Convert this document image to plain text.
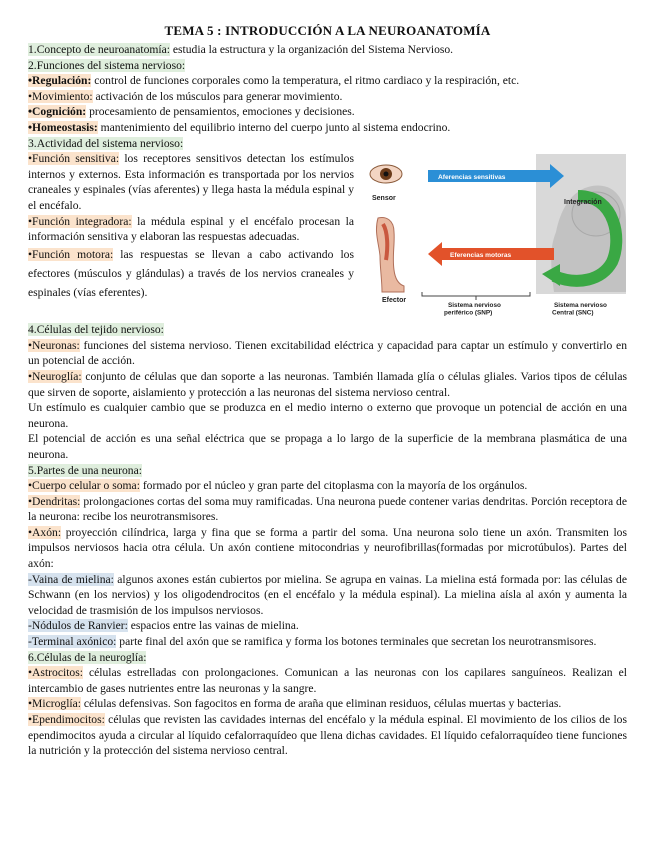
TEMA 5 : INTRODUCCIÓN A LA NEUROANATOMÍA

1.Concepto de neuroanatomía: estudia la estructura y la organización del Sistema Nervioso.

2.Funciones del sistema nervioso:

•Regulación: control de funciones corporales como la temperatura, el ritmo cardiaco y la respiración, etc.

•Movimiento: activación de los músculos para generar movimiento.

•Cognición: procesamiento de pensamientos, emociones y decisiones.

•Homeostasis: mantenimiento del equilibrio interno del cuerpo junto al sistema endocrino.

3.Actividad del sistema nervioso:

•Función sensitiva: los receptores sensitivos detectan los estímulos internos y externos. Esta información es transportada por los nervios craneales y espinales (vías aferentes) y llega hasta la médula espinal y el encéfalo.

•Función integradora: la médula espinal y el encéfalo procesan la información sensitiva y elaboran las respuestas adecuadas.

•Función motora: las respuestas se llevan a cabo activando los efectores (músculos y glándulas) a través de los nervios craneales y espinales (vías eferentes).

Sensor
Aferencias sensitivas
Integración
Eferencias motoras
Efector
Sistema nervioso periférico (SNP)
Sistema nervioso Central (SNC)

4.Células del tejido nervioso:

•Neuronas: funciones del sistema nervioso. Tienen excitabilidad eléctrica y capacidad para captar un estímulo y convertirlo en un potencial de acción.

•Neuroglía: conjunto de células que dan soporte a las neuronas. También llamada glía o células gliales. Varios tipos de células que sirven de soporte, aislamiento y protección a las neuronas del sistema nervioso central.

Un estímulo es cualquier cambio que se produzca en el medio interno o externo que provoque un potencial de acción en una neurona.

El potencial de acción es una señal eléctrica que se propaga a lo largo de la superficie de la membrana plasmática de una neurona.

5.Partes de una neurona:

•Cuerpo celular o soma: formado por el núcleo y gran parte del citoplasma con la mayoría de los orgánulos.

•Dendritas: prolongaciones cortas del soma muy ramificadas. Una neurona puede contener varias dendritas. Porción receptora de la neurona: recibe los neurotransmisores.

•Axón: proyección cilíndrica, larga y fina que se forma a partir del soma. Una neurona solo tiene un axón. Transmiten los impulsos nerviosos hacia otra célula. Un axón contiene mitocondrias y neurofibrillas(formadas por microtúbulos). Partes del axón:

-Vaina de mielina: algunos axones están cubiertos por mielina. Se agrupa en vainas. La mielina está formada por: las células de Schwann (en los nervios) y los oligodendrocitos (en el encéfalo y la médula espinal). La mielina aísla al axón y aumenta la velocidad de trasmisión de los impulsos nerviosos.

-Nódulos de Ranvier: espacios entre las vainas de mielina.

-Terminal axónico: parte final del axón que se ramifica y forma los botones terminales que secretan los neurotransmisores.

6.Células de la neuroglía:

•Astrocitos: células estrelladas con prolongaciones. Comunican a las neuronas con los capilares sanguíneos. Realizan el intercambio de gases nutrientes entre las neuronas y la sangre.

•Microglía: células defensivas. Son fagocitos en forma de araña que eliminan residuos, células muertas y bacterias.

•Ependimocitos: células que revisten las cavidades internas del encéfalo y la médula espinal. El movimiento de los cilios de los ependimocitos ayuda a circular al líquido cefalorraquídeo que llena dichas cavidades. El líquido cefalorraquídeo tiene funciones la nutrición y la protección del sistema nervioso central.
